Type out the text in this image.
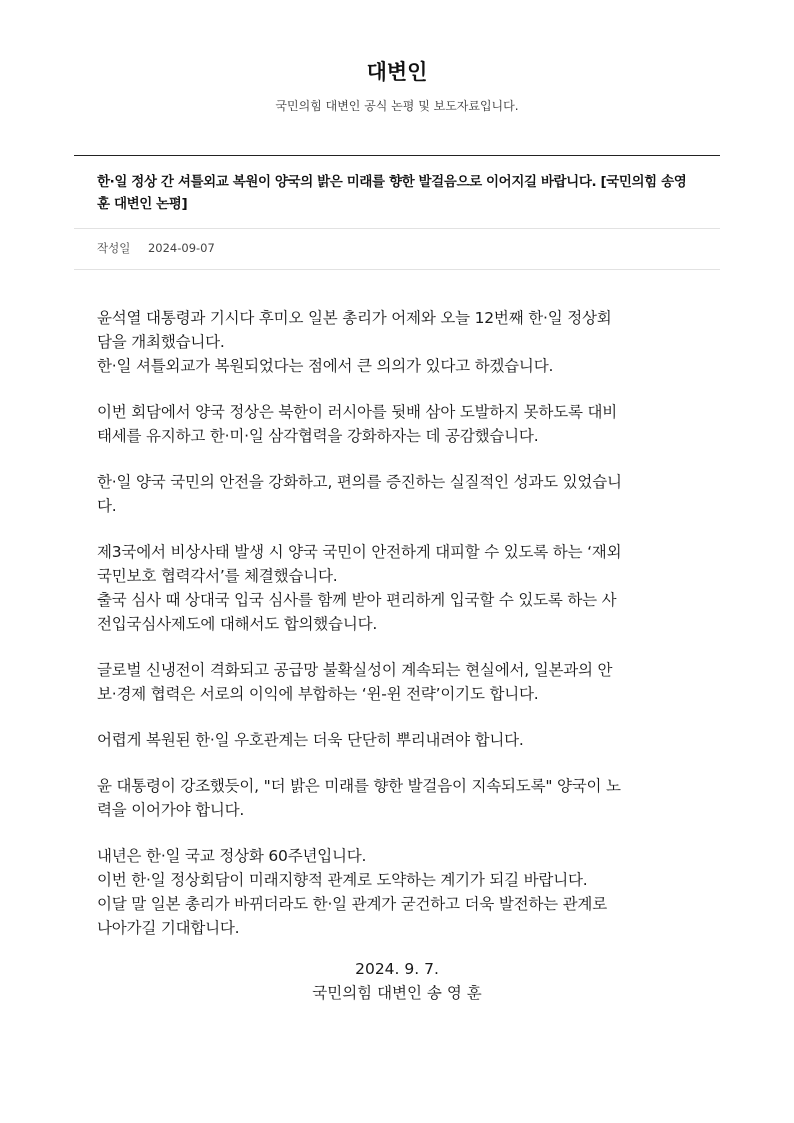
대변인

국민의힘 대변인 공식 논평 및 보도자료입니다.

한·일 정상 간 셔틀외교 복원이 양국의 밝은 미래를 향한 발걸음으로 이어지길 바랍니다. [국민의힘 송영
훈 대변인 논평]
작성일 2024-09-07

윤석열 대통령과 기시다 후미오 일본 총리가 어제와 오늘 12번째 한·일 정상회
담을 개최했습니다.
한·일 셔틀외교가 복원되었다는 점에서 큰 의의가 있다고 하겠습니다.

이번 회담에서 양국 정상은 북한이 러시아를 뒷배 삼아 도발하지 못하도록 대비
태세를 유지하고 한·미·일 삼각협력을 강화하자는 데 공감했습니다.

한·일 양국 국민의 안전을 강화하고, 편의를 증진하는 실질적인 성과도 있었습니
다.

제3국에서 비상사태 발생 시 양국 국민이 안전하게 대피할 수 있도록 하는 ‘재외
국민보호 협력각서’를 체결했습니다.
출국 심사 때 상대국 입국 심사를 함께 받아 편리하게 입국할 수 있도록 하는 사
전입국심사제도에 대해서도 합의했습니다.

글로벌 신냉전이 격화되고 공급망 불확실성이 계속되는 현실에서, 일본과의 안
보·경제 협력은 서로의 이익에 부합하는 ‘윈-윈 전략’이기도 합니다.

어렵게 복원된 한·일 우호관계는 더욱 단단히 뿌리내려야 합니다.

윤 대통령이 강조했듯이, "더 밝은 미래를 향한 발걸음이 지속되도록" 양국이 노
력을 이어가야 합니다.

내년은 한·일 국교 정상화 60주년입니다.
이번 한·일 정상회담이 미래지향적 관계로 도약하는 계기가 되길 바랍니다.
이달 말 일본 총리가 바뀌더라도 한·일 관계가 굳건하고 더욱 발전하는 관계로
나아가길 기대합니다.

2024. 9. 7.
국민의힘 대변인 송 영 훈
